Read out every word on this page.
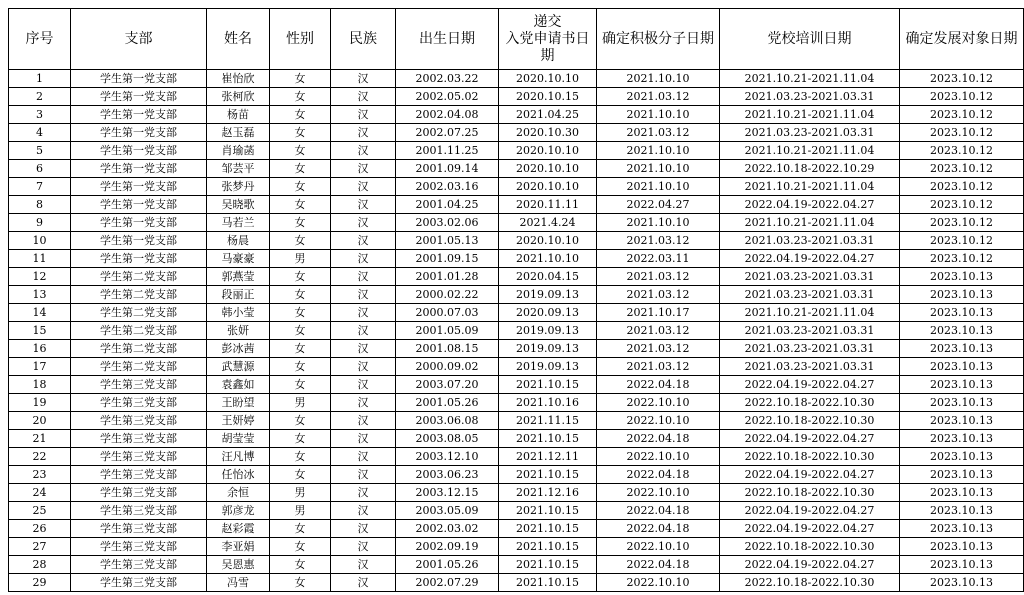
序号	支部	姓名	性别	民族	出生日期	递交
入党申请书日
期	确定积极分子日期	党校培训日期	确定发展对象日期
1	学生第一党支部	崔怡欣	女	汉	2002.03.22	2020.10.10	2021.10.10	2021.10.21-2021.11.04	2023.10.12
2	学生第一党支部	张柯欣	女	汉	2002.05.02	2020.10.15	2021.03.12	2021.03.23-2021.03.31	2023.10.12
3	学生第一党支部	杨苗	女	汉	2002.04.08	2021.04.25	2021.10.10	2021.10.21-2021.11.04	2023.10.12
4	学生第一党支部	赵玉磊	女	汉	2002.07.25	2020.10.30	2021.03.12	2021.03.23-2021.03.31	2023.10.12
5	学生第一党支部	肖瑜菡	女	汉	2001.11.25	2020.10.10	2021.10.10	2021.10.21-2021.11.04	2023.10.12
6	学生第一党支部	邹芸平	女	汉	2001.09.14	2020.10.10	2021.10.10	2022.10.18-2022.10.29	2023.10.12
7	学生第一党支部	张梦丹	女	汉	2002.03.16	2020.10.10	2021.10.10	2021.10.21-2021.11.04	2023.10.12
8	学生第一党支部	吴晓歌	女	汉	2001.04.25	2020.11.11	2022.04.27	2022.04.19-2022.04.27	2023.10.12
9	学生第一党支部	马若兰	女	汉	2003.02.06	2021.4.24	2021.10.10	2021.10.21-2021.11.04	2023.10.12
10	学生第一党支部	杨晨	女	汉	2001.05.13	2020.10.10	2021.03.12	2021.03.23-2021.03.31	2023.10.12
11	学生第一党支部	马豪豪	男	汉	2001.09.15	2021.10.10	2022.03.11	2022.04.19-2022.04.27	2023.10.12
12	学生第二党支部	郭燕莹	女	汉	2001.01.28	2020.04.15	2021.03.12	2021.03.23-2021.03.31	2023.10.13
13	学生第二党支部	段丽正	女	汉	2000.02.22	2019.09.13	2021.03.12	2021.03.23-2021.03.31	2023.10.13
14	学生第二党支部	韩小莹	女	汉	2000.07.03	2020.09.13	2021.10.17	2021.10.21-2021.11.04	2023.10.13
15	学生第二党支部	张妍	女	汉	2001.05.09	2019.09.13	2021.03.12	2021.03.23-2021.03.31	2023.10.13
16	学生第二党支部	彭冰茜	女	汉	2001.08.15	2019.09.13	2021.03.12	2021.03.23-2021.03.31	2023.10.13
17	学生第二党支部	武慧源	女	汉	2000.09.02	2019.09.13	2021.03.12	2021.03.23-2021.03.31	2023.10.13
18	学生第三党支部	袁鑫如	女	汉	2003.07.20	2021.10.15	2022.04.18	2022.04.19-2022.04.27	2023.10.13
19	学生第三党支部	王盼望	男	汉	2001.05.26	2021.10.16	2022.10.10	2022.10.18-2022.10.30	2023.10.13
20	学生第三党支部	王妍婷	女	汉	2003.06.08	2021.11.15	2022.10.10	2022.10.18-2022.10.30	2023.10.13
21	学生第三党支部	胡莹莹	女	汉	2003.08.05	2021.10.15	2022.04.18	2022.04.19-2022.04.27	2023.10.13
22	学生第三党支部	汪凡博	女	汉	2003.12.10	2021.12.11	2022.10.10	2022.10.18-2022.10.30	2023.10.13
23	学生第三党支部	任怡冰	女	汉	2003.06.23	2021.10.15	2022.04.18	2022.04.19-2022.04.27	2023.10.13
24	学生第三党支部	余恒	男	汉	2003.12.15	2021.12.16	2022.10.10	2022.10.18-2022.10.30	2023.10.13
25	学生第三党支部	郭彦龙	男	汉	2003.05.09	2021.10.15	2022.04.18	2022.04.19-2022.04.27	2023.10.13
26	学生第三党支部	赵彩霞	女	汉	2002.03.02	2021.10.15	2022.04.18	2022.04.19-2022.04.27	2023.10.13
27	学生第三党支部	李亚娟	女	汉	2002.09.19	2021.10.15	2022.10.10	2022.10.18-2022.10.30	2023.10.13
28	学生第三党支部	吴恩惠	女	汉	2001.05.26	2021.10.15	2022.04.18	2022.04.19-2022.04.27	2023.10.13
29	学生第三党支部	冯雪	女	汉	2002.07.29	2021.10.15	2022.10.10	2022.10.18-2022.10.30	2023.10.13
